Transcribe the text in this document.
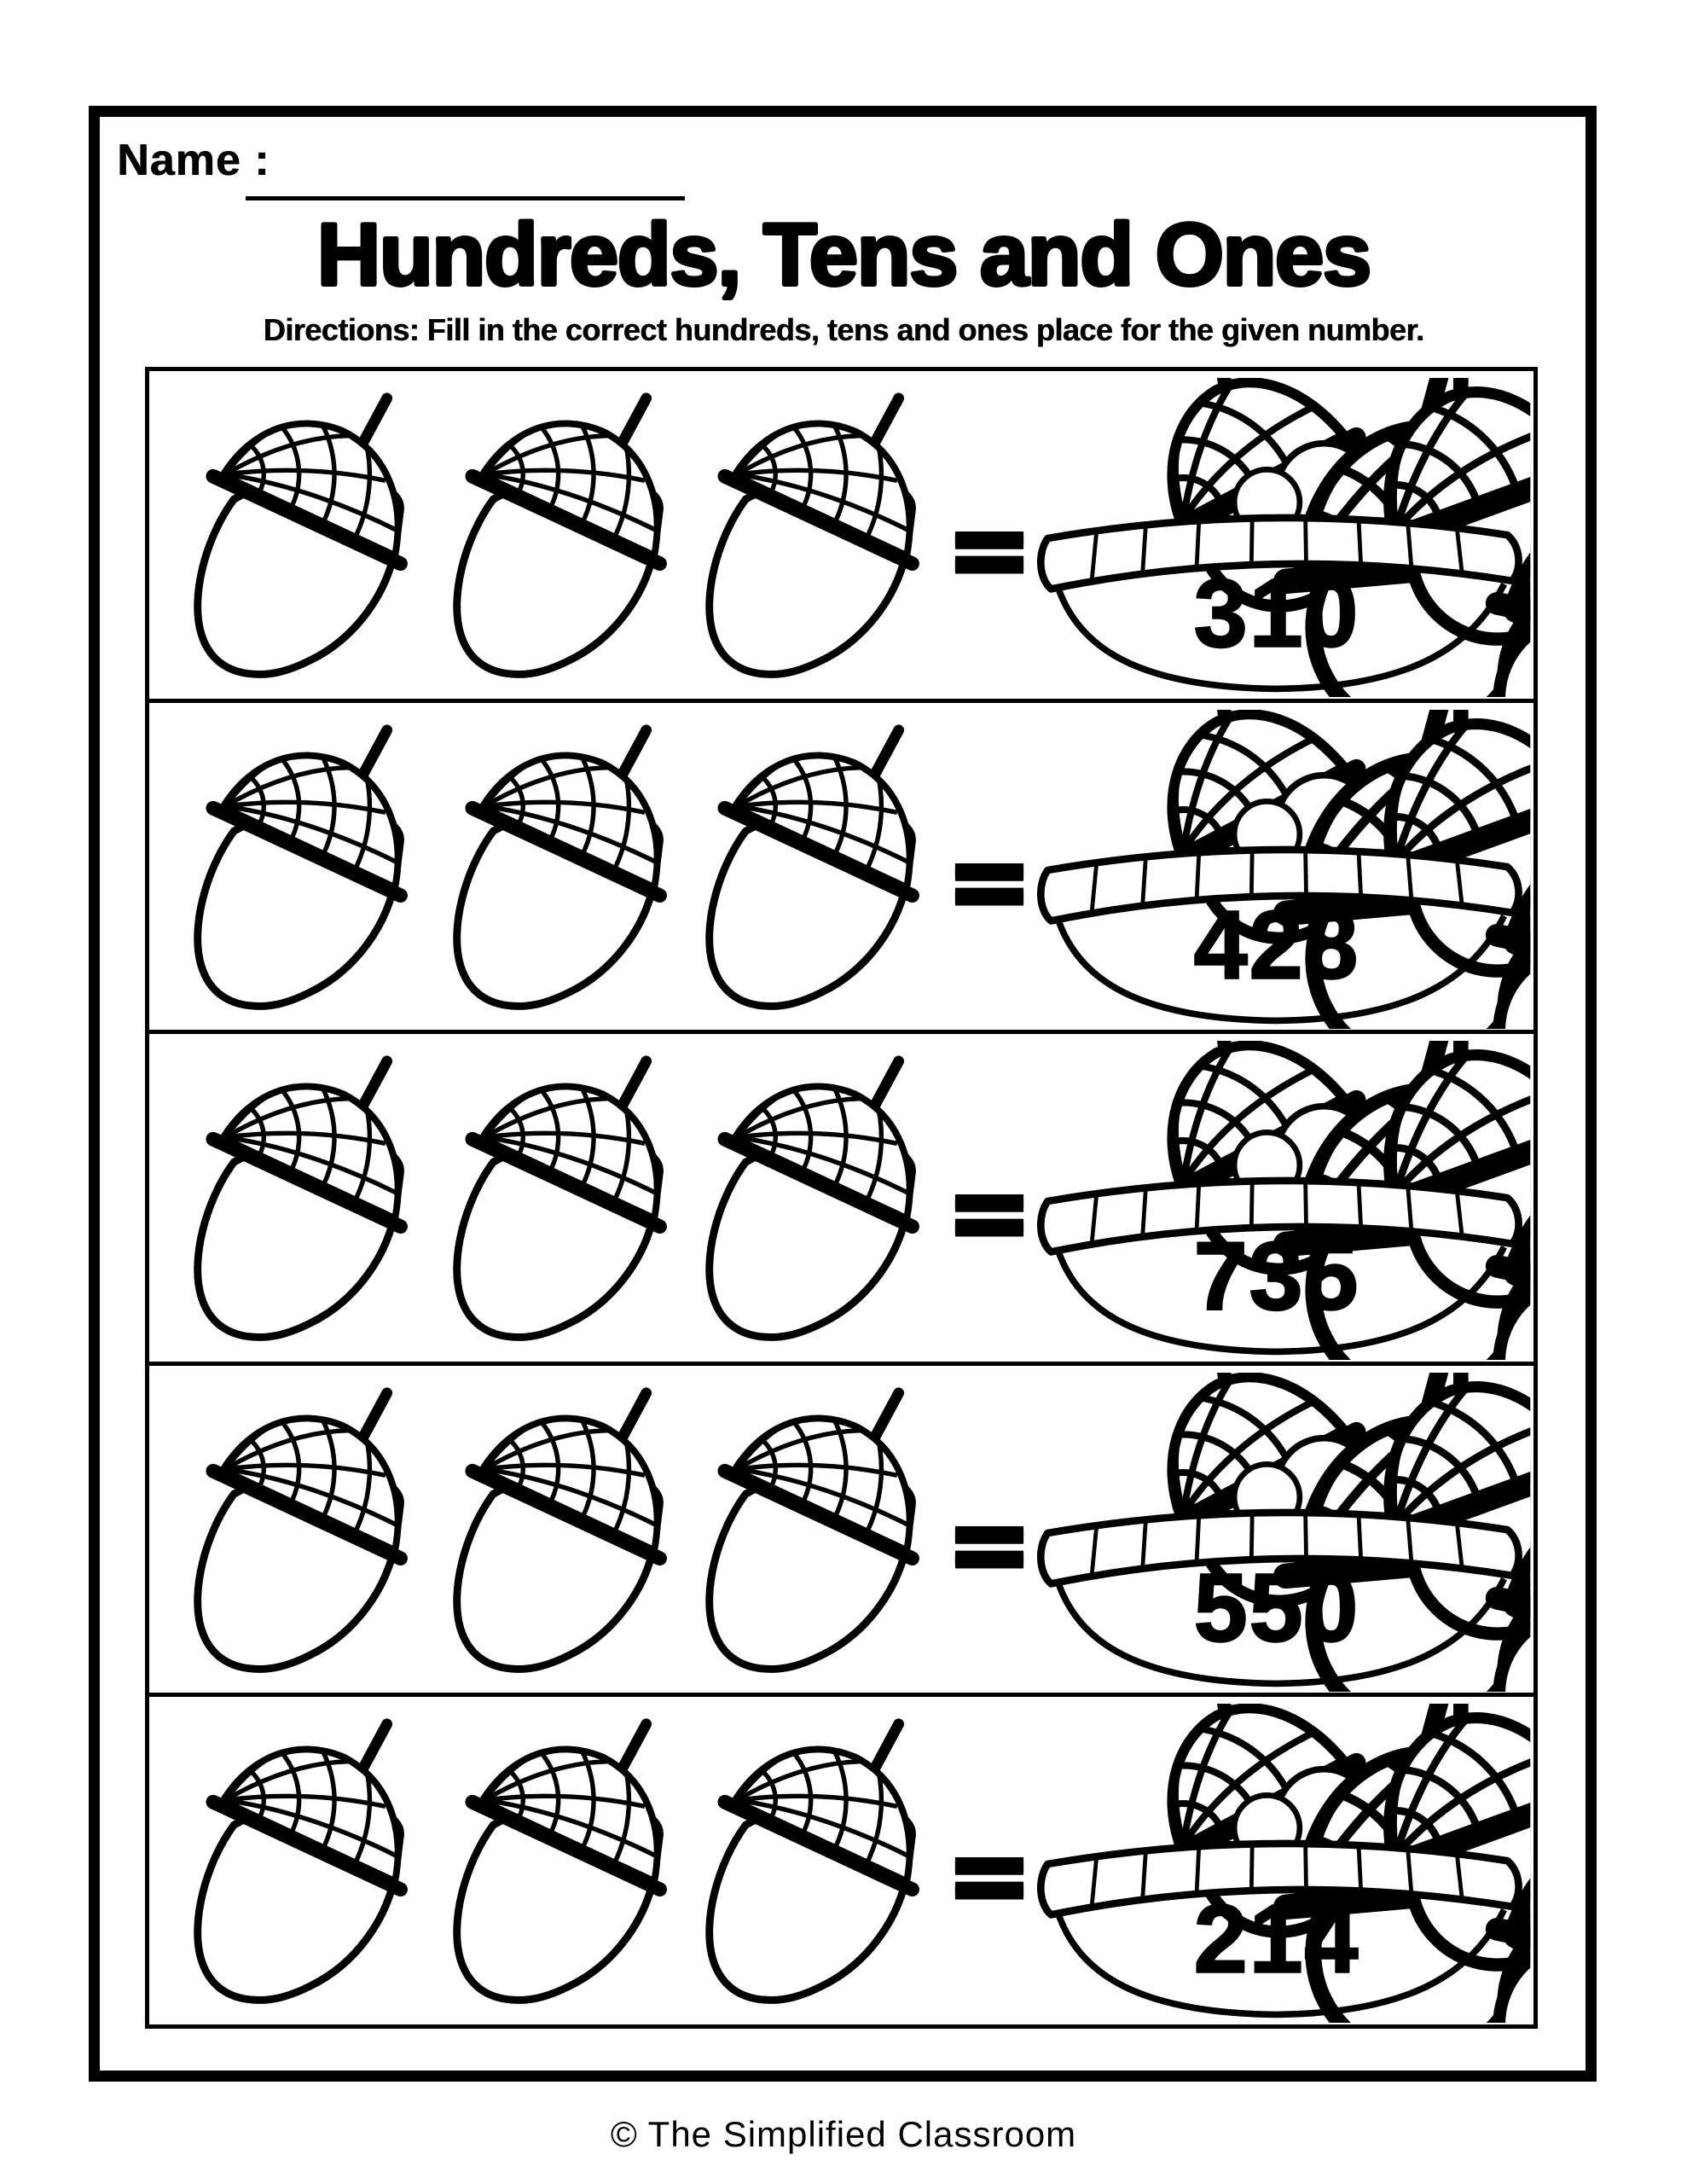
Name :
Hundreds, Tens and Ones
Directions: Fill in the correct hundreds, tens and ones place for the given number.
= 310
= 428
= 735
= 550
= 214
© The Simplified Classroom
